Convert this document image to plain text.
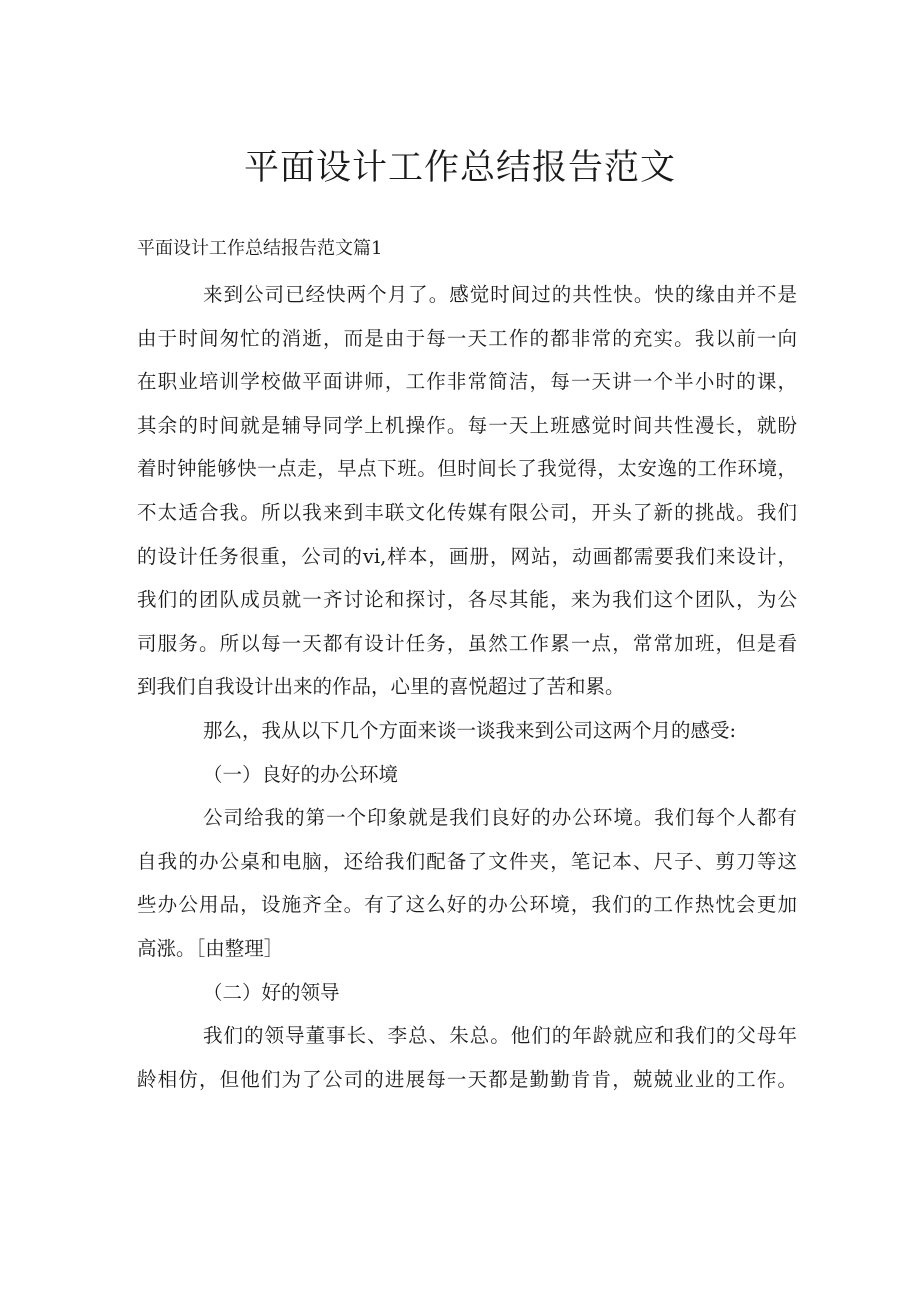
平面设计工作总结报告范文
平面设计工作总结报告范文篇1
来到公司已经快两个月了。感觉时间过的共性快。快的缘由并不是
由于时间匆忙的消逝，而是由于每一天工作的都非常的充实。我以前一向
在职业培训学校做平面讲师，工作非常简洁，每一天讲一个半小时的课，
其余的时间就是辅导同学上机操作。每一天上班感觉时间共性漫长，就盼
着时钟能够快一点走，早点下班。但时间长了我觉得，太安逸的工作环境，
不太适合我。所以我来到丰联文化传媒有限公司，开头了新的挑战。我们
的设计任务很重，公司的vi,样本，画册，网站，动画都需要我们来设计，
我们的团队成员就一齐讨论和探讨，各尽其能，来为我们这个团队，为公
司服务。所以每一天都有设计任务，虽然工作累一点，常常加班，但是看
到我们自我设计出来的作品，心里的喜悦超过了苦和累。
那么，我从以下几个方面来谈一谈我来到公司这两个月的感受:
（一）良好的办公环境
公司给我的第一个印象就是我们良好的办公环境。我们每个人都有
自我的办公桌和电脑，还给我们配备了文件夹，笔记本、尺子、剪刀等这
些办公用品，设施齐全。有了这么好的办公环境，我们的工作热忱会更加
高涨。［由整理］
（二）好的领导
我们的领导董事长、李总、朱总。他们的年龄就应和我们的父母年
龄相仿，但他们为了公司的进展每一天都是勤勤肯肯，兢兢业业的工作。
